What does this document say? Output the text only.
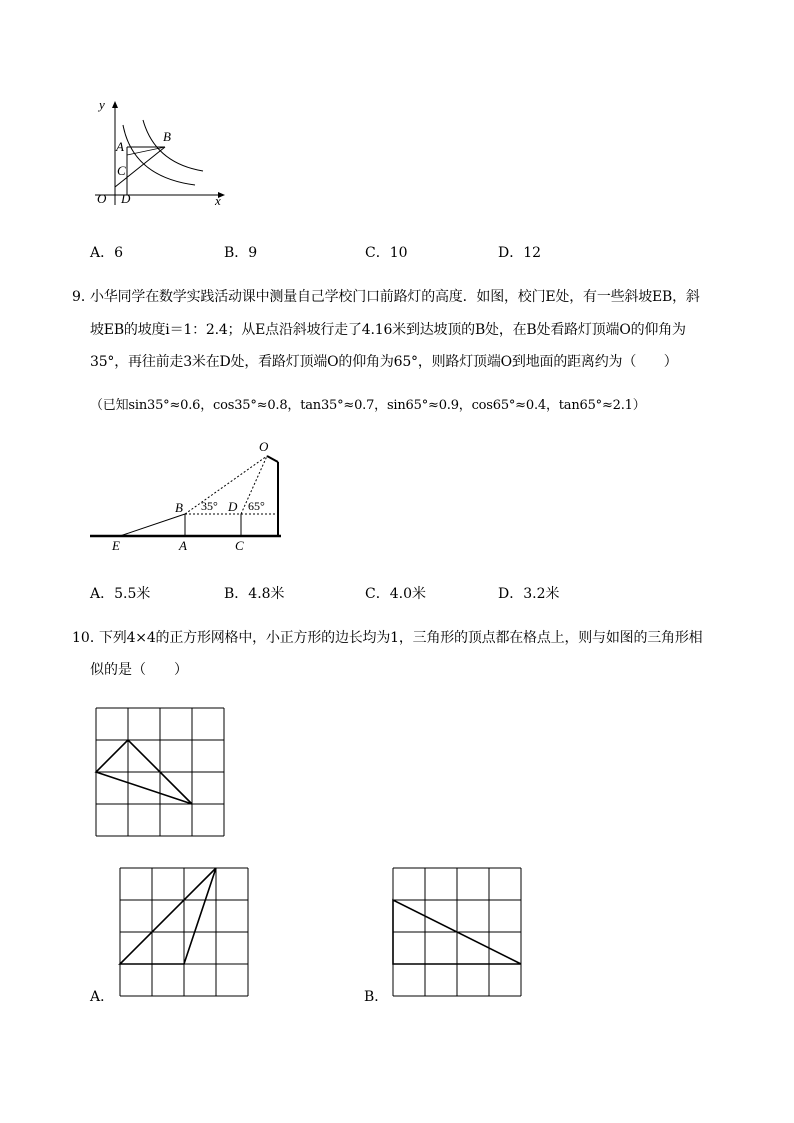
y
x
O D
A
C
B
A．6	B．9	C．10	D．12
9．
小华同学在数学实践活动课中测量自己学校门口前路灯的高度．如图，校门E处，有一些斜坡EB，斜
坡EB的坡度i＝1：2.4；从E点沿斜坡行走了4.16米到达坡顶的B处，在B处看路灯顶端O的仰角为
35°，再往前走3米在D处，看路灯顶端O的仰角为65°，则路灯顶端O到地面的距离约为（　　）
（已知sin35°≈0.6，cos35°≈0.8，tan35°≈0.7，sin65°≈0.9，cos65°≈0.4，tan65°≈2.1）
O
B 35° D 65°
E	A	C
A．5.5米	B．4.8米	C．4.0米	D．3.2米
10．
下列4×4的正方形网格中，小正方形的边长均为1，三角形的顶点都在格点上，则与如图的三角形相
似的是（　　）
A．	B．
